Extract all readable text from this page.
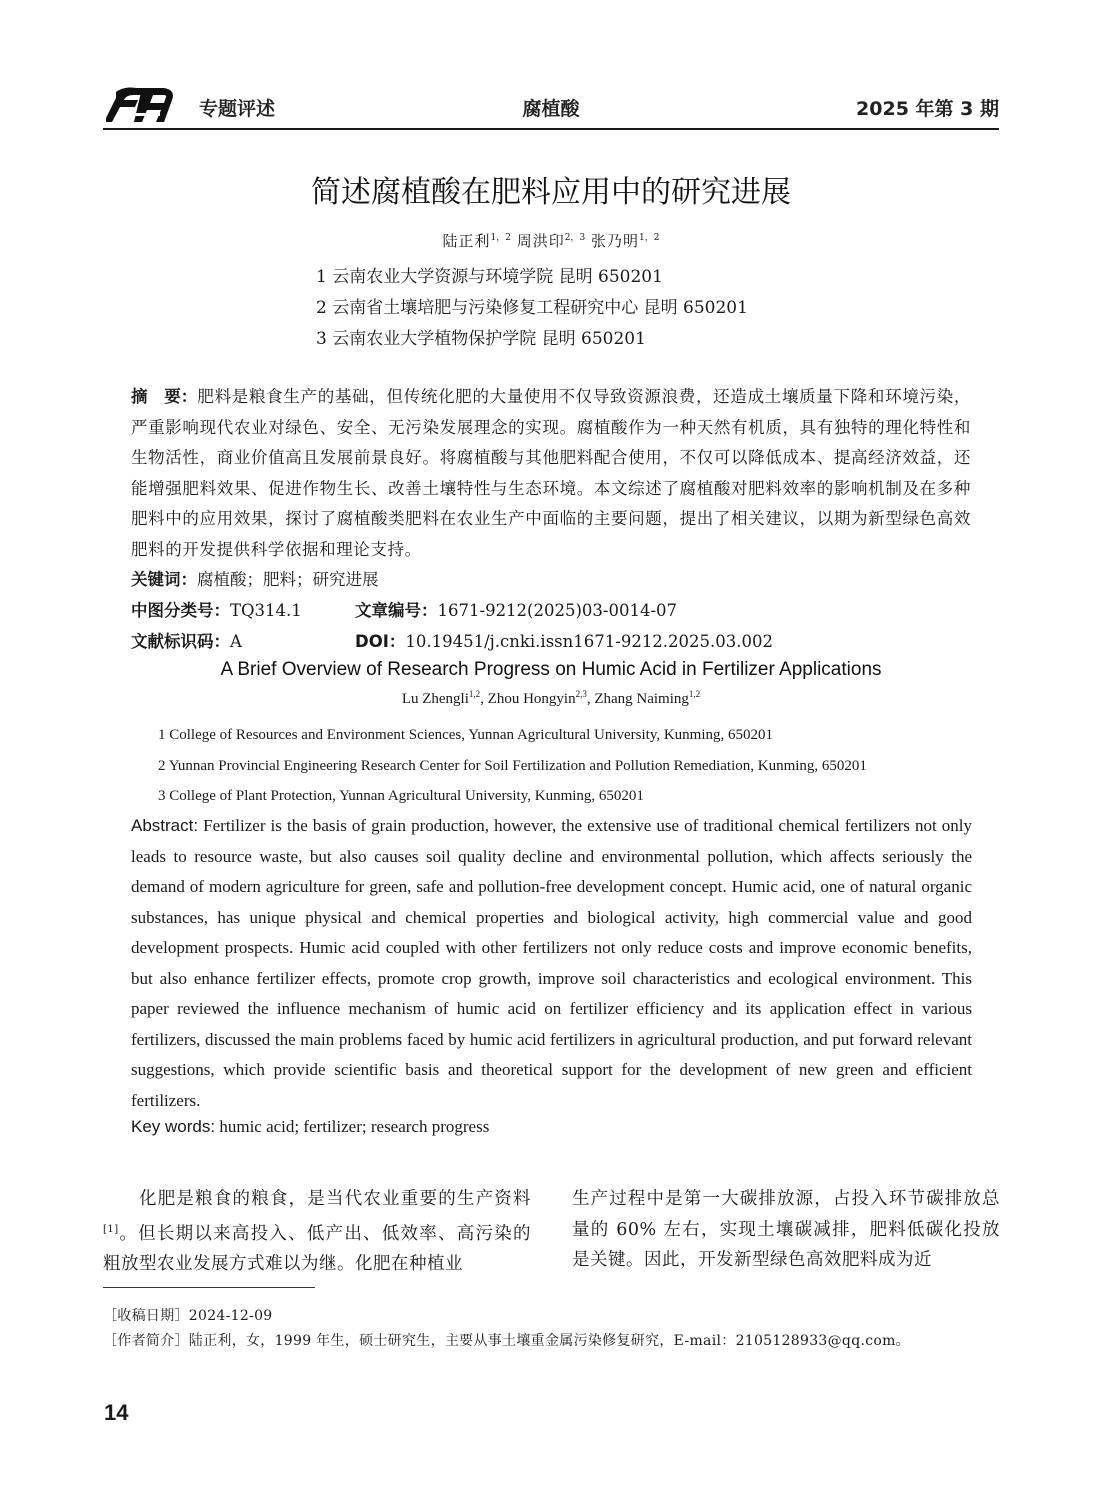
专题评述	腐植酸	2025 年第 3 期
简述腐植酸在肥料应用中的研究进展
陆正利$^{1,2}$ 周洪印$^{2,3}$ 张乃明$^{1,2}$
1 云南农业大学资源与环境学院 昆明 650201
2 云南省土壤培肥与污染修复工程研究中心 昆明 650201
3 云南农业大学植物保护学院 昆明 650201
摘　要：肥料是粮食生产的基础，但传统化肥的大量使用不仅导致资源浪费，还造成土壤质量下降和环境污染，严重影响现代农业对绿色、安全、无污染发展理念的实现。腐植酸作为一种天然有机质，具有独特的理化特性和生物活性，商业价值高且发展前景良好。将腐植酸与其他肥料配合使用，不仅可以降低成本、提高经济效益，还能增强肥料效果、促进作物生长、改善土壤特性与生态环境。本文综述了腐植酸对肥料效率的影响机制及在多种肥料中的应用效果，探讨了腐植酸类肥料在农业生产中面临的主要问题，提出了相关建议，以期为新型绿色高效肥料的开发提供科学依据和理论支持。
关键词：腐植酸；肥料；研究进展
中图分类号：TQ314.1	文章编号：1671-9212(2025)03-0014-07
文献标识码：A	DOI：10.19451/j.cnki.issn1671-9212.2025.03.002
A Brief Overview of Research Progress on Humic Acid in Fertilizer Applications
Lu Zhengli$^{1,2}$, Zhou Hongyin$^{2,3}$, Zhang Naiming$^{1,2}$
1 College of Resources and Environment Sciences, Yunnan Agricultural University, Kunming, 650201
2 Yunnan Provincial Engineering Research Center for Soil Fertilization and Pollution Remediation, Kunming, 650201
3 College of Plant Protection, Yunnan Agricultural University, Kunming, 650201
Abstract: Fertilizer is the basis of grain production, however, the extensive use of traditional chemical fertilizers not only leads to resource waste, but also causes soil quality decline and environmental pollution, which affects seriously the demand of modern agriculture for green, safe and pollution-free development concept. Humic acid, one of natural organic substances, has unique physical and chemical properties and biological activity, high commercial value and good development prospects. Humic acid coupled with other fertilizers not only reduce costs and improve economic benefits, but also enhance fertilizer effects, promote crop growth, improve soil characteristics and ecological environment. This paper reviewed the influence mechanism of humic acid on fertilizer efficiency and its application effect in various fertilizers, discussed the main problems faced by humic acid fertilizers in agricultural production, and put forward relevant suggestions, which provide scientific basis and theoretical support for the development of new green and efficient fertilizers.
Key words: humic acid; fertilizer; research progress
化肥是粮食的粮食，是当代农业重要的生产资料[1]。但长期以来高投入、低产出、低效率、高污染的粗放型农业发展方式难以为继。化肥在种植业
生产过程中是第一大碳排放源，占投入环节碳排放总量的 60% 左右，实现土壤碳减排，肥料低碳化投放是关键。因此，开发新型绿色高效肥料成为近
［收稿日期］2024-12-09
［作者简介］陆正利，女，1999 年生，硕士研究生，主要从事土壤重金属污染修复研究，E-mail：2105128933@qq.com。
14
